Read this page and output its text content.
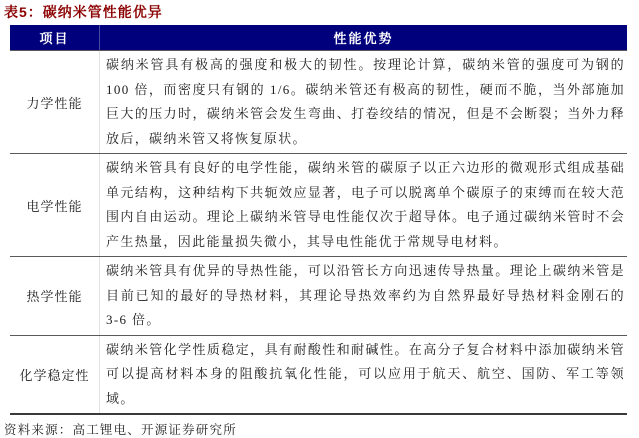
表5：碳纳米管性能优异
项目	性能优势
力学性能
碳纳米管具有极高的强度和极大的韧性。按理论计算，碳纳米管的强度可为钢的 100 倍，而密度只有钢的 1/6。碳纳米管还有极高的韧性，硬而不脆，当外部施加巨大的压力时，碳纳米管会发生弯曲、打卷绞结的情况，但是不会断裂；当外力释放后，碳纳米管又将恢复原状。
电学性能
碳纳米管具有良好的电学性能，碳纳米管的碳原子以正六边形的微观形式组成基础单元结构，这种结构下共轭效应显著，电子可以脱离单个碳原子的束缚而在较大范围内自由运动。理论上碳纳米管导电性能仅次于超导体。电子通过碳纳米管时不会产生热量，因此能量损失微小，其导电性能优于常规导电材料。
热学性能
碳纳米管具有优异的导热性能，可以沿管长方向迅速传导热量。理论上碳纳米管是目前已知的最好的导热材料，其理论导热效率约为自然界最好导热材料金刚石的 3-6 倍。
化学稳定性
碳纳米管化学性质稳定，具有耐酸性和耐碱性。在高分子复合材料中添加碳纳米管可以提高材料本身的阻酸抗氧化性能，可以应用于航天、航空、国防、军工等领域。
资料来源：高工锂电、开源证券研究所
